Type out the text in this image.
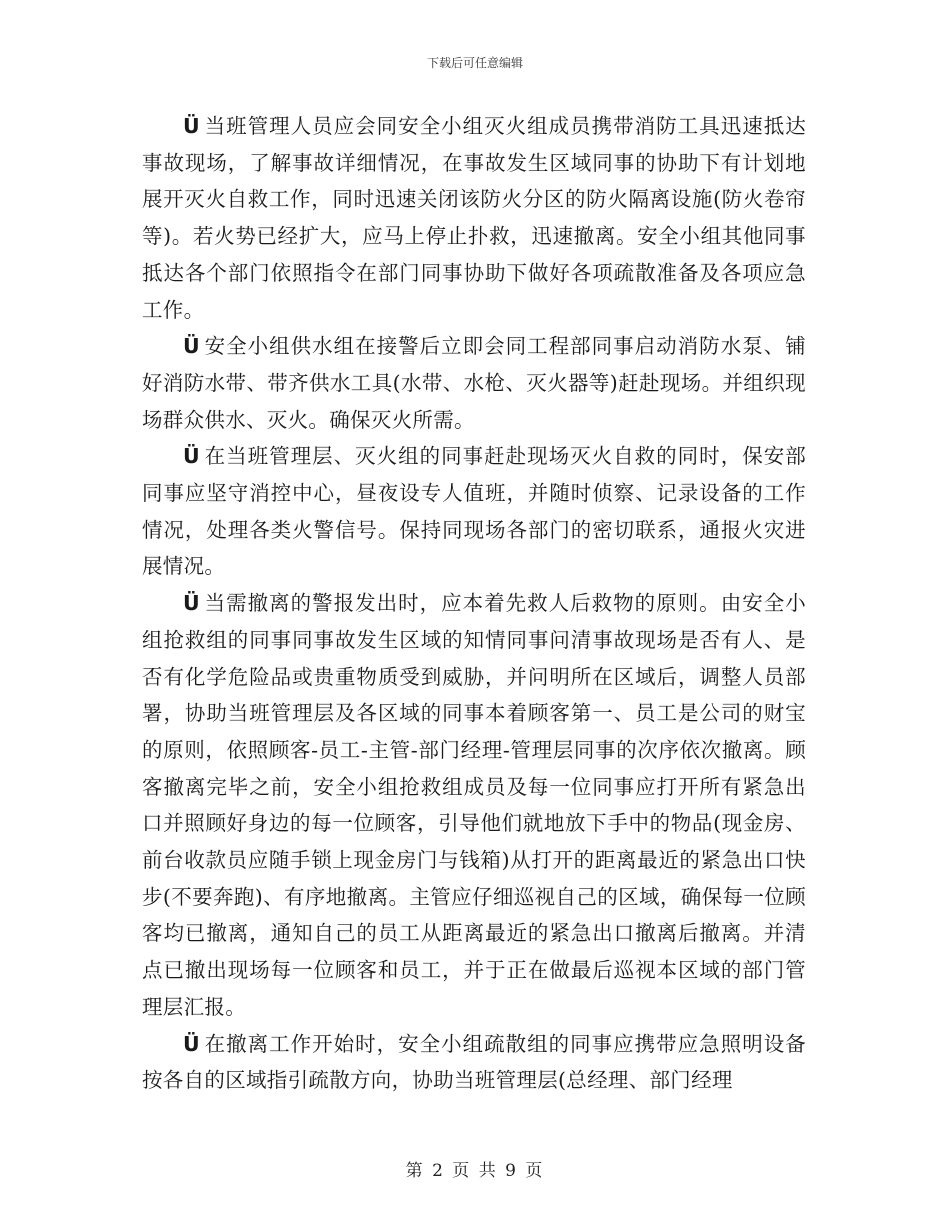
下载后可任意编辑

Ü 当班管理人员应会同安全小组灭火组成员携带消防工具迅速抵达事故现场，了解事故详细情况，在事故发生区域同事的协助下有计划地展开灭火自救工作，同时迅速关闭该防火分区的防火隔离设施(防火卷帘等)。若火势已经扩大，应马上停止扑救，迅速撤离。安全小组其他同事抵达各个部门依照指令在部门同事协助下做好各项疏散准备及各项应急工作。

Ü 安全小组供水组在接警后立即会同工程部同事启动消防水泵、铺好消防水带、带齐供水工具(水带、水枪、灭火器等)赶赴现场。并组织现场群众供水、灭火。确保灭火所需。

Ü 在当班管理层、灭火组的同事赶赴现场灭火自救的同时，保安部同事应坚守消控中心，昼夜设专人值班，并随时侦察、记录设备的工作情况，处理各类火警信号。保持同现场各部门的密切联系，通报火灾进展情况。

Ü 当需撤离的警报发出时，应本着先救人后救物的原则。由安全小组抢救组的同事同事故发生区域的知情同事问清事故现场是否有人、是否有化学危险品或贵重物质受到威胁，并问明所在区域后，调整人员部署，协助当班管理层及各区域的同事本着顾客第一、员工是公司的财宝的原则，依照顾客-员工-主管-部门经理-管理层同事的次序依次撤离。顾客撤离完毕之前，安全小组抢救组成员及每一位同事应打开所有紧急出口并照顾好身边的每一位顾客，引导他们就地放下手中的物品(现金房、前台收款员应随手锁上现金房门与钱箱)从打开的距离最近的紧急出口快步(不要奔跑)、有序地撤离。主管应仔细巡视自己的区域，确保每一位顾客均已撤离，通知自己的员工从距离最近的紧急出口撤离后撤离。并清点已撤出现场每一位顾客和员工，并于正在做最后巡视本区域的部门管理层汇报。

Ü 在撤离工作开始时，安全小组疏散组的同事应携带应急照明设备按各自的区域指引疏散方向，协助当班管理层(总经理、部门经理

第 2 页 共 9 页
